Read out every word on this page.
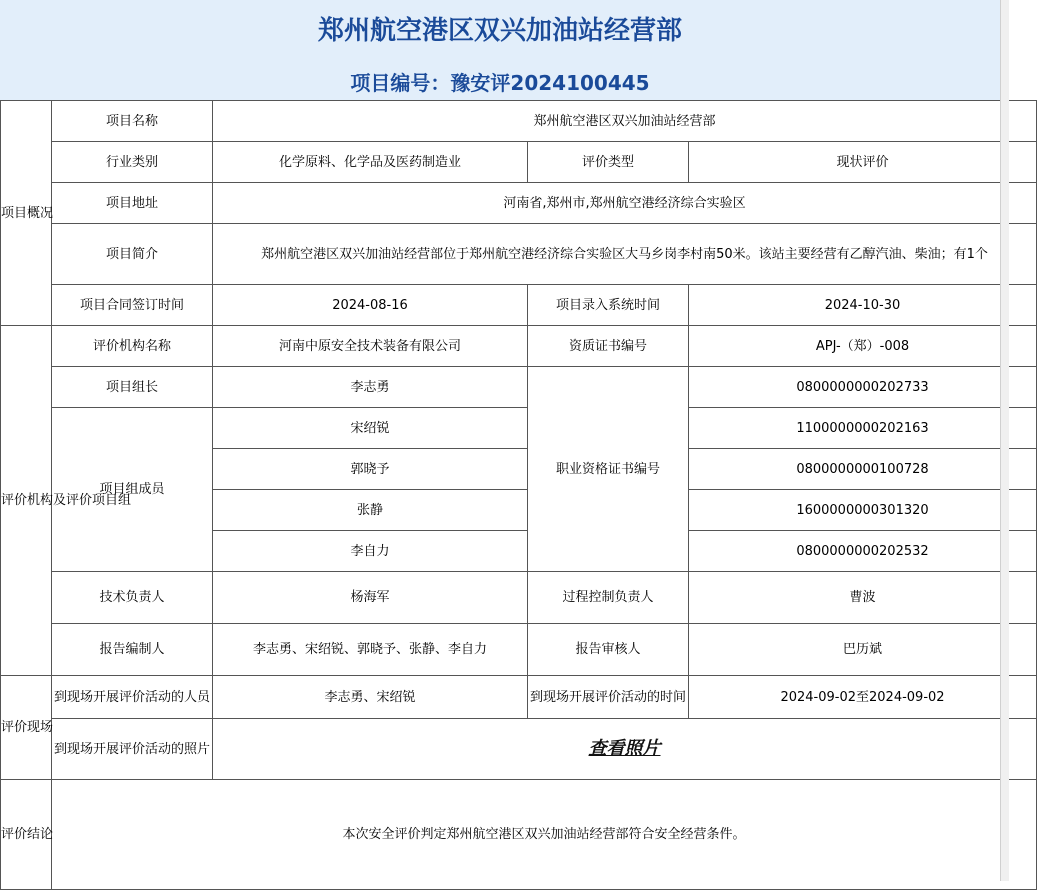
郑州航空港区双兴加油站经营部
项目编号：豫安评2024100445
项目概况	项目名称	郑州航空港区双兴加油站经营部		
	行业类别	化学原料、化学品及医药制造业	评价类型	现状评价
	项目地址	河南省,郑州市,郑州航空港经济综合实验区		
	项目简介	郑州航空港区双兴加油站经营部位于郑州航空港经济综合实验区大马乡岗李村南50米。该站主要经营有乙醇汽油、柴油；有1个		
	项目合同签订时间	2024-08-16	项目录入系统时间	2024-10-30
评价机构及评价项目组	评价机构名称	河南中原安全技术装备有限公司	资质证书编号	APJ-（郑）-008
	项目组长	李志勇	职业资格证书编号	0800000000202733
	项目组成员	宋绍锐		1100000000202163
		郭晓予		0800000000100728
		张静		1600000000301320
		李自力		0800000000202532
	技术负责人	杨海军	过程控制负责人	曹波
	报告编制人	李志勇、宋绍锐、郭晓予、张静、李自力	报告审核人	巴历斌
评价现场	到现场开展评价活动的人员	李志勇、宋绍锐	到现场开展评价活动的时间	2024-09-02至2024-09-02
	到现场开展评价活动的照片	查看照片		
评价结论	本次安全评价判定郑州航空港区双兴加油站经营部符合安全经营条件。			
